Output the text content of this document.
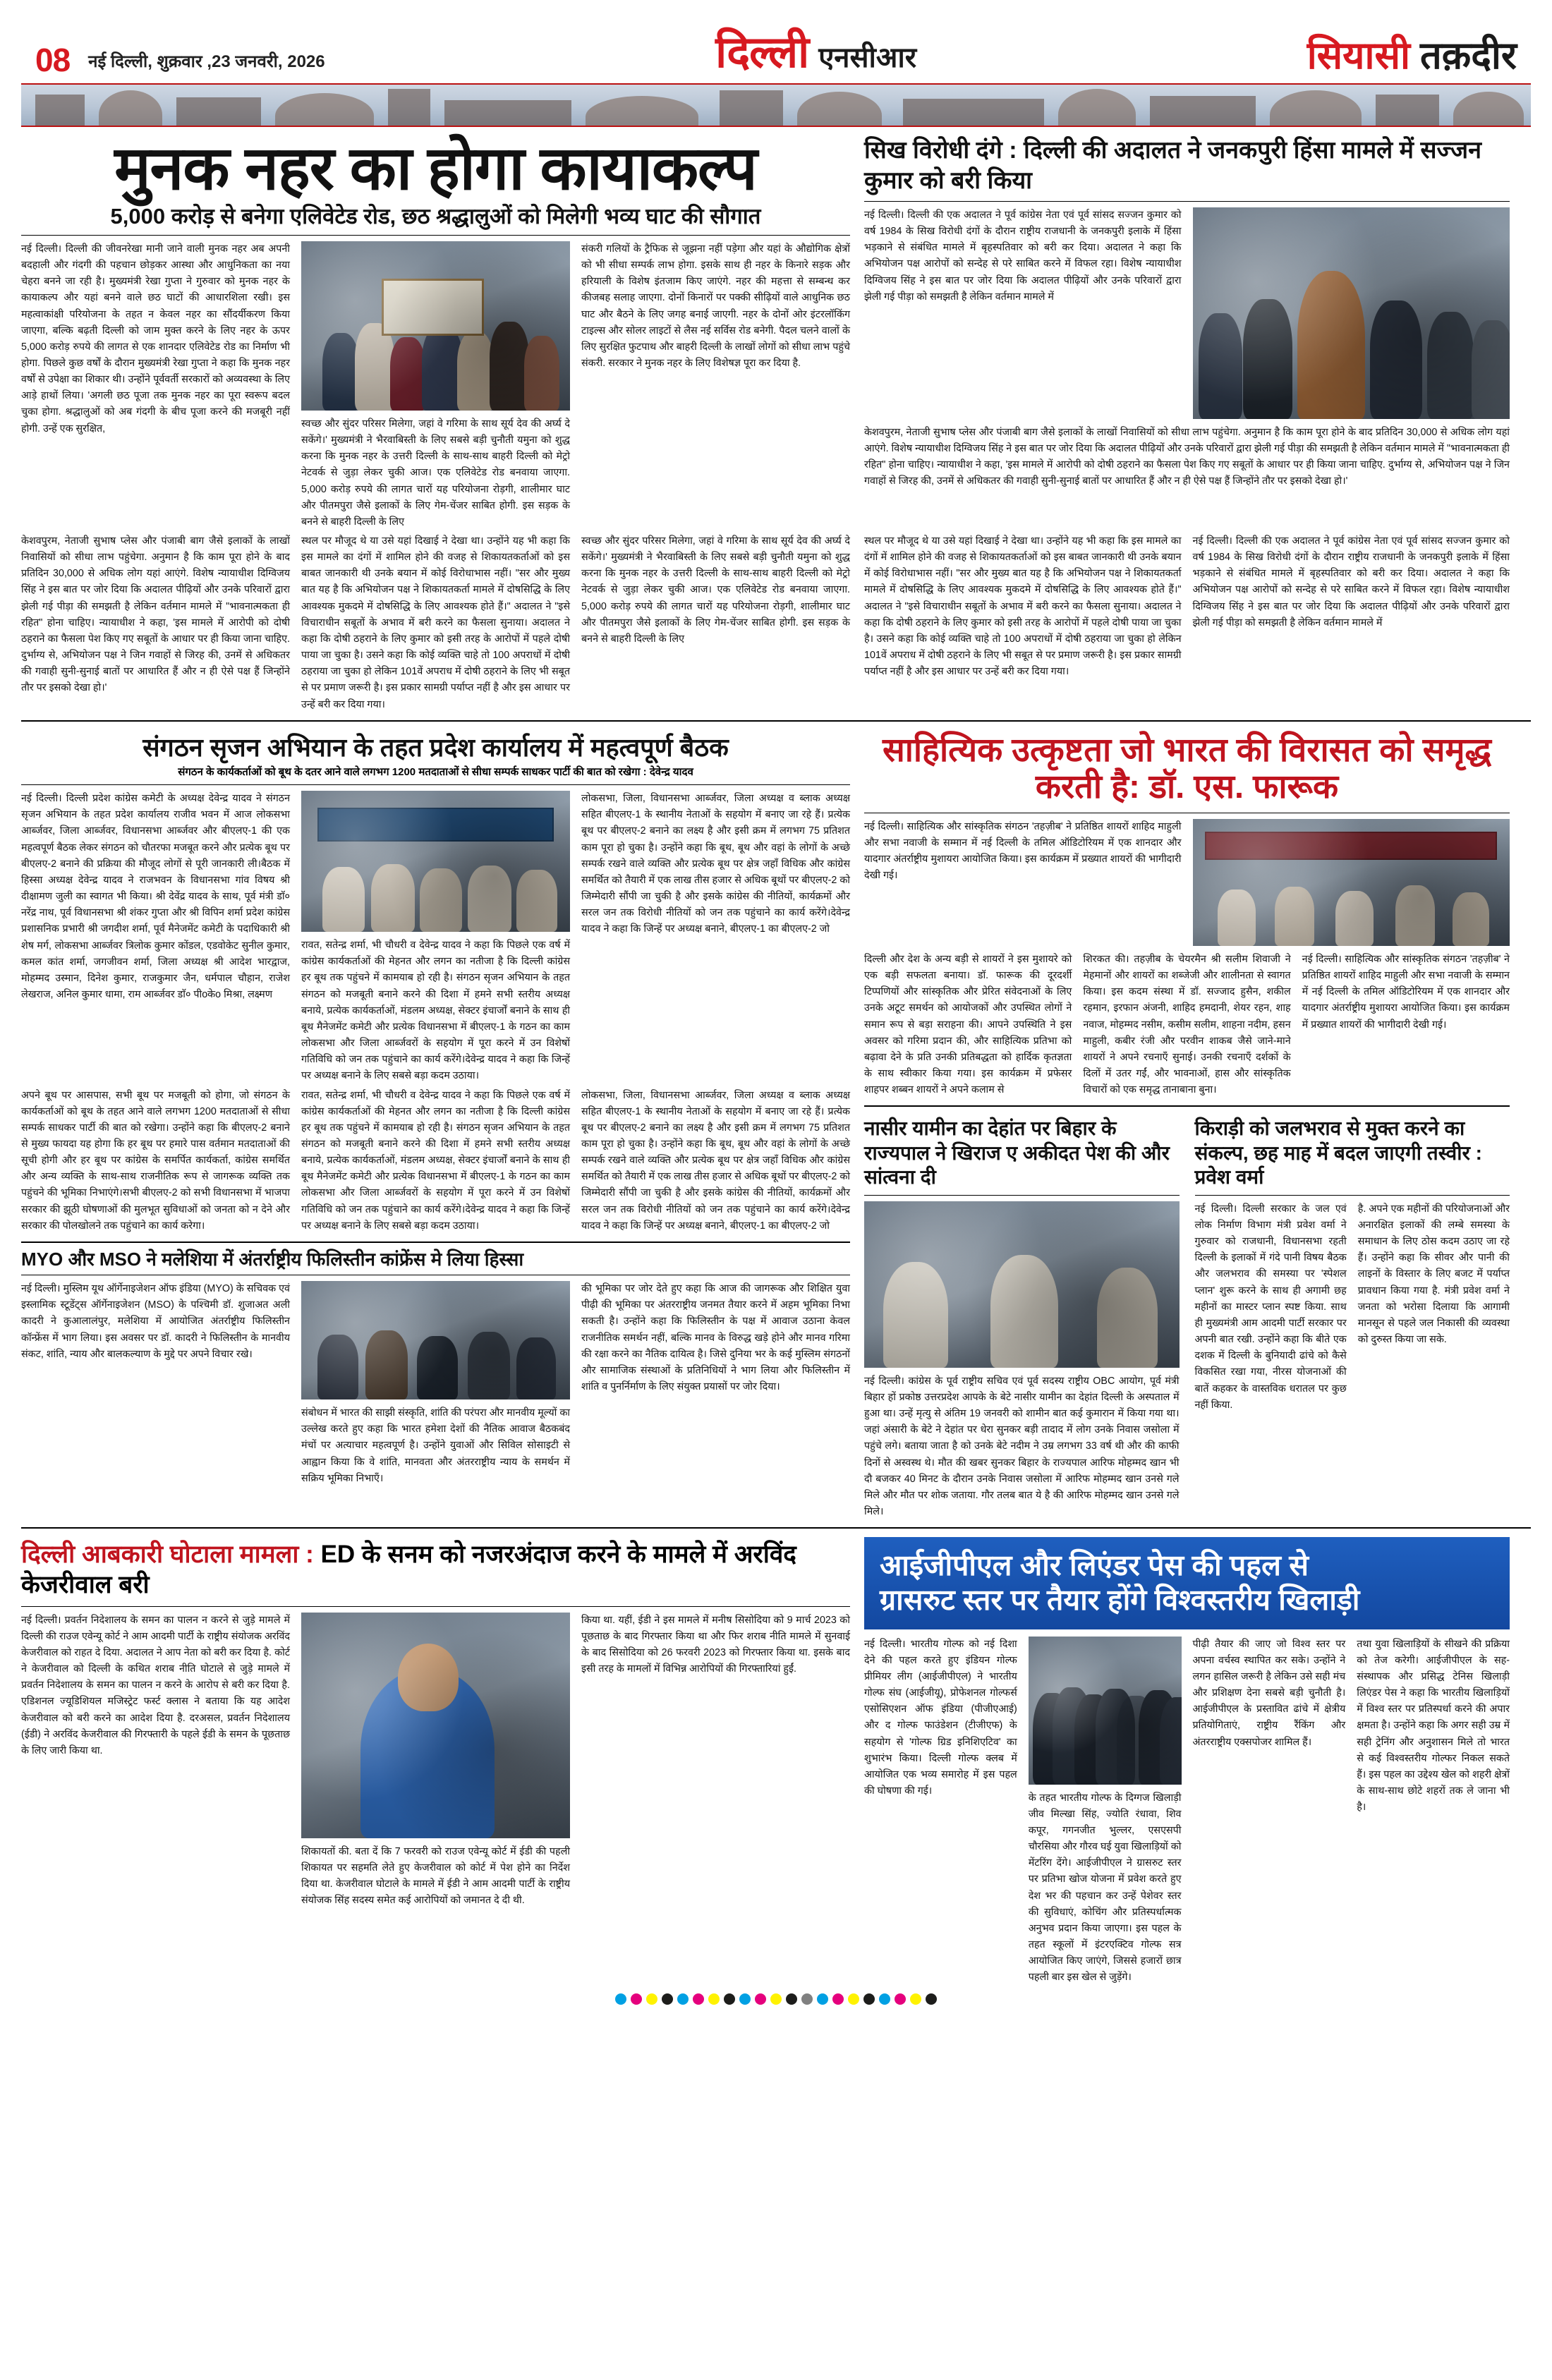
08 नई दिल्ली, शुक्रवार ,23 जनवरी, 2026	दिल्ली एनसीआर	सियासी तक़दीर
मुनक नहर का होगा कायाकल्प
5,000 करोड़ से बनेगा एलिवेटेड रोड, छठ श्रद्धालुओं को मिलेगी भव्य घाट की सौगात
नई दिल्ली। दिल्ली की जीवनरेखा मानी जाने वाली मुनक नहर अब अपनी बदहाली और गंदगी की पहचान छोड़कर आस्था और आधुनिकता का नया चेहरा बनने जा रही है। मुख्यमंत्री रेखा गुप्ता ने गुरुवार को मुनक नहर के कायाकल्प और यहां बनने वाले छठ घाटों की आधारशिला रखी। इस महत्वाकांक्षी परियोजना के तहत न केवल नहर का सौंदर्यीकरण किया जाएगा, बल्कि बढ़ती दिल्ली को जाम मुक्त करने के लिए नहर के ऊपर 5,000 करोड़ रुपये की लागत से एक शानदार एलिवेटेड रोड का निर्माण भी होगा. पिछले कुछ वर्षों के दौरान मुख्यमंत्री रेखा गुप्ता ने कहा कि मुनक नहर वर्षों से उपेक्षा का शिकार थी। उन्होंने पूर्ववर्ती सरकारों को अव्यवस्था के लिए आड़े हाथों लिया। 'अगली छठ पूजा तक मुनक नहर का पूरा स्वरूप बदल चुका होगा. श्रद्धालुओं को अब गंदगी के बीच पूजा करने की मजबूरी नहीं होगी. उन्हें एक सुरक्षित,	स्वच्छ और सुंदर परिसर मिलेगा, जहां वे गरिमा के साथ सूर्य देव की अर्घ्य दे सकेंगे।' मुख्यमंत्री ने भैरवाबिस्ती के लिए सबसे बड़ी चुनौती यमुना को शुद्ध करना कि मुनक नहर के उत्तरी दिल्ली के साथ-साथ बाहरी दिल्ली को मेट्रो नेटवर्क से जुड़ा लेकर चुकी आज। एक एलिवेटेड रोड बनवाया जाएगा. 5,000 करोड़ रुपये की लागत चारों यह परियोजना रोड़गी, शालीमार घाट और पीतमपुरा जैसे इलाकों के लिए गेम-चेंजर साबित होगी. इस सड़क के बनने से बाहरी दिल्ली के लिए
संकरी गलियों के ट्रैफिक से जूझना नहीं पड़ेगा और यहां के औद्योगिक क्षेत्रों को भी सीधा सम्पर्क लाभ होगा. इसके साथ ही नहर के किनारे सड़क और हरियाली के विशेष इंतजाम किए जाएंगे. नहर की महत्ता से सम्बन्ध कर कीजबह सलाह जाएगा. दोनों किनारों पर पक्की सीढ़ियों वाले आधुनिक छठ घाट और बैठने के लिए जगह बनाई जाएगी. नहर के दोनों ओर इंटरलॉकिंग टाइल्स और सोलर लाइटों से लैस नई सर्विस रोड बनेगी. पैदल चलने वालों के लिए सुरक्षित फुटपाथ और बाहरी दिल्ली के लाखों लोगों को सीधा लाभ पहुंचे संकरी. सरकार ने मुनक नहर के लिए विशेषज्ञ पूरा कर दिया है.
सिख विरोधी दंगे : दिल्ली की अदालत ने जनकपुरी हिंसा मामले में सज्जन कुमार को बरी किया
नई दिल्ली। दिल्ली की एक अदालत ने पूर्व कांग्रेस नेता एवं पूर्व सांसद सज्जन कुमार को वर्ष 1984 के सिख विरोधी दंगों के दौरान राष्ट्रीय राजधानी के जनकपुरी इलाके में हिंसा भड़काने से संबंधित मामले में बृहस्पतिवार को बरी कर दिया। अदालत ने कहा कि अभियोजन पक्ष आरोपों को सन्देह से परे साबित करने में विफल रहा। विशेष न्यायाधीश दिग्विजय सिंह ने इस बात पर जोर दिया कि अदालत पीढ़ियों और उनके परिवारों द्वारा झेली गई पीड़ा को समझती है लेकिन वर्तमान मामले में
केशवपुरम, नेताजी सुभाष प्लेस और पंजाबी बाग जैसे इलाकों के लाखों निवासियों को सीधा लाभ पहुंचेगा. अनुमान है कि काम पूरा होने के बाद प्रतिदिन 30,000 से अधिक लोग यहां आएंगे. विशेष न्यायाधीश दिग्विजय सिंह ने इस बात पर जोर दिया कि अदालत पीढ़ियों और उनके परिवारों द्वारा झेली गई पीड़ा की समझती है लेकिन वर्तमान मामले में "भावनात्मकता ही रहित" होना चाहिए। न्यायाधीश ने कहा, 'इस मामले में आरोपी को दोषी ठहराने का फैसला पेश किए गए सबूतों के आधार पर ही किया जाना चाहिए. दुर्भाग्य से, अभियोजन पक्ष ने जिन गवाहों से जिरह की, उनमें से अधिकतर की गवाही सुनी-सुनाई बातों पर आधारित हैं और न ही ऐसे पक्ष हैं जिन्होंने तौर पर इसको देखा हो।'
केशवपुरम, नेताजी सुभाष प्लेस और पंजाबी बाग जैसे इलाकों के लाखों निवासियों को सीधा लाभ पहुंचेगा. अनुमान है कि काम पूरा होने के बाद प्रतिदिन 30,000 से अधिक लोग यहां आएंगे. विशेष न्यायाधीश दिग्विजय सिंह ने इस बात पर जोर दिया कि अदालत पीढ़ियों और उनके परिवारों द्वारा झेली गई पीड़ा की समझती है लेकिन वर्तमान मामले में "भावनात्मकता ही रहित" होना चाहिए। न्यायाधीश ने कहा, 'इस मामले में आरोपी को दोषी ठहराने का फैसला पेश किए गए सबूतों के आधार पर ही किया जाना चाहिए. दुर्भाग्य से, अभियोजन पक्ष ने जिन गवाहों से जिरह की, उनमें से अधिकतर की गवाही सुनी-सुनाई बातों पर आधारित हैं और न ही ऐसे पक्ष हैं जिन्होंने तौर पर इसको देखा हो।'
स्थल पर मौजूद थे या उसे यहां दिखाई ने देखा था। उन्होंने यह भी कहा कि इस मामले का दंगों में शामिल होने की वजह से शिकायतकर्ताओं को इस बाबत जानकारी थी उनके बयान में कोई विरोधाभास नहीं। "सर और मुख्य बात यह है कि अभियोजन पक्ष ने शिकायतकर्ता मामले में दोषसिद्धि के लिए आवश्यक मुकदमे में दोषसिद्धि के लिए आवश्यक होते हैं।" अदालत ने "इसे विचाराधीन सबूतों के अभाव में बरी करने का फैसला सुनाया। अदालत ने कहा कि दोषी ठहराने के लिए कुमार को इसी तरह के आरोपों में पहले दोषी पाया जा चुका है। उसने कहा कि कोई व्यक्ति चाहे तो 100 अपराधों में दोषी ठहराया जा चुका हो लेकिन 101वें अपराध में दोषी ठहराने के लिए भी सबूत से पर प्रमाण जरूरी है। इस प्रकार सामग्री पर्याप्त नहीं है और इस आधार पर उन्हें बरी कर दिया गया।
स्वच्छ और सुंदर परिसर मिलेगा, जहां वे गरिमा के साथ सूर्य देव की अर्घ्य दे सकेंगे।' मुख्यमंत्री ने भैरवाबिस्ती के लिए सबसे बड़ी चुनौती यमुना को शुद्ध करना कि मुनक नहर के उत्तरी दिल्ली के साथ-साथ बाहरी दिल्ली को मेट्रो नेटवर्क से जुड़ा लेकर चुकी आज। एक एलिवेटेड रोड बनवाया जाएगा. 5,000 करोड़ रुपये की लागत चारों यह परियोजना रोड़गी, शालीमार घाट और पीतमपुरा जैसे इलाकों के लिए गेम-चेंजर साबित होगी. इस सड़क के बनने से बाहरी दिल्ली के लिए
स्थल पर मौजूद थे या उसे यहां दिखाई ने देखा था। उन्होंने यह भी कहा कि इस मामले का दंगों में शामिल होने की वजह से शिकायतकर्ताओं को इस बाबत जानकारी थी उनके बयान में कोई विरोधाभास नहीं। "सर और मुख्य बात यह है कि अभियोजन पक्ष ने शिकायतकर्ता मामले में दोषसिद्धि के लिए आवश्यक मुकदमे में दोषसिद्धि के लिए आवश्यक होते हैं।" अदालत ने "इसे विचाराधीन सबूतों के अभाव में बरी करने का फैसला सुनाया। अदालत ने कहा कि दोषी ठहराने के लिए कुमार को इसी तरह के आरोपों में पहले दोषी पाया जा चुका है। उसने कहा कि कोई व्यक्ति चाहे तो 100 अपराधों में दोषी ठहराया जा चुका हो लेकिन 101वें अपराध में दोषी ठहराने के लिए भी सबूत से पर प्रमाण जरूरी है। इस प्रकार सामग्री पर्याप्त नहीं है और इस आधार पर उन्हें बरी कर दिया गया।
नई दिल्ली। दिल्ली की एक अदालत ने पूर्व कांग्रेस नेता एवं पूर्व सांसद सज्जन कुमार को वर्ष 1984 के सिख विरोधी दंगों के दौरान राष्ट्रीय राजधानी के जनकपुरी इलाके में हिंसा भड़काने से संबंधित मामले में बृहस्पतिवार को बरी कर दिया। अदालत ने कहा कि अभियोजन पक्ष आरोपों को सन्देह से परे साबित करने में विफल रहा। विशेष न्यायाधीश दिग्विजय सिंह ने इस बात पर जोर दिया कि अदालत पीढ़ियों और उनके परिवारों द्वारा झेली गई पीड़ा को समझती है लेकिन वर्तमान मामले में
संगठन सृजन अभियान के तहत प्रदेश कार्यालय में महत्वपूर्ण बैठक
संगठन के कार्यकर्ताओं को बूथ के दतर आने वाले लगभग 1200 मतदाताओं से सीधा सम्पर्क साधकर पार्टी की बात को रखेगा : देवेन्द्र यादव
नई दिल्ली। दिल्ली प्रदेश कांग्रेस कमेटी के अध्यक्ष देवेन्द्र यादव ने संगठन सृजन अभियान के तहत प्रदेश कार्यालय राजीव भवन में आज लोकसभा आर्ब्जवर, जिला आर्ब्जवर, विधानसभा आर्ब्जवर और बीएलए-1 की एक महत्वपूर्ण बैठक लेकर संगठन को चौतरफा मजबूत करने और प्रत्येक बूथ पर बीएलए-2 बनाने की प्रक्रिया की मौजूद लोगों से पूरी जानकारी ली।बैठक में हिस्सा अध्यक्ष देवेन्द्र यादव ने राजभवन के विधानसभा गांव विषय श्री दीक्षामण जुली का स्वागत भी किया। श्री देवेंद्र यादव के साथ, पूर्व मंत्री डाॅ० नरेंद्र नाथ, पूर्व विधानसभा श्री शंकर गुप्ता और श्री विपिन शर्मा प्रदेश कांग्रेस प्रशासनिक प्रभारी श्री जगदीश शर्मा, पूर्व मैनेजमेंट कमेटी के पदाधिकारी श्री शेष मर्ग, लोकसभा आर्ब्जवर त्रिलोक कुमार कोंडल, एडवोकेट सुनील कुमार, कमल कांत शर्मा, जगजीवन शर्मा, जिला अध्यक्ष श्री आदेश भारद्वाज, मोहम्मद उस्मान, दिनेश कुमार, राजकुमार जैन, धर्मपाल चौहान, राजेश लेखराज, अनिल कुमार धामा, राम आर्ब्जवर डाॅ० पीoकेo मिश्रा, लक्ष्मण
रावत, सतेन्द्र शर्मा, भी चौधरी व देवेन्द्र यादव ने कहा कि पिछले एक वर्ष में कांग्रेस कार्यकर्ताओं की मेहनत और लगन का नतीजा है कि दिल्ली कांग्रेस हर बूथ तक पहुंचने में कामयाब हो रही है। संगठन सृजन अभियान के तहत संगठन को मजबूती बनाने करने की दिशा में हमने सभी स्तरीय अध्यक्ष बनाये, प्रत्येक कार्यकर्ताओं, मंडलम अध्यक्ष, सेक्टर इंचार्जों बनाने के साथ ही बूथ मैनेजमेंट कमेटी और प्रत्येक विधानसभा में बीएलए-1 के गठन का काम लोकसभा और जिला आर्ब्जवरों के सहयोग में पूरा करने में उन विशेषों गतिविधि को जन तक पहुंचाने का कार्य करेंगे।देवेन्द्र यादव ने कहा कि जिन्हें पर अध्यक्ष बनाने के लिए सबसे बड़ा कदम उठाया।
लोकसभा, जिला, विधानसभा आर्ब्जवर, जिला अध्यक्ष व ब्लाक अध्यक्ष सहित बीएलए-1 के स्थानीय नेताओं के सहयोग में बनाए जा रहे हैं। प्रत्येक बूथ पर बीएलए-2 बनाने का लक्ष्य है और इसी क्रम में लगभग 75 प्रतिशत काम पूरा हो चुका है। उन्होंने कहा कि बूथ, बूथ और वहां के लोगों के अच्छे सम्पर्क रखने वाले व्यक्ति और प्रत्येक बूथ पर क्षेत्र जहाँ विधिक और कांग्रेस समर्थित को तैयारी में एक लाख तीस हजार से अधिक बूथों पर बीएलए-2 को जिम्मेदारी सौंपी जा चुकी है और इसके कांग्रेस की नीतियों, कार्यक्रमों और सरल जन तक विरोधी नीतियों को जन तक पहुंचाने का कार्य करेंगे।देवेन्द्र यादव ने कहा कि जिन्हें पर अध्यक्ष बनाने, बीएलए-1 का बीएलए-2 जो
अपने बूथ पर आसपास, सभी बूथ पर मजबूती को होगा, जो संगठन के कार्यकर्ताओं को बूथ के तहत आने वाले लगभग 1200 मतदाताओं से सीधा सम्पर्क साधकर पार्टी की बात को रखेगा। उन्होंने कहा कि बीएलए-2 बनाने से मुख्य फायदा यह होगा कि हर बूथ पर हमारे पास वर्तमान मतदाताओं की सूची होगी और हर बूथ पर कांग्रेस के समर्पित कार्यकर्ता, कांग्रेस समर्थित और अन्य व्यक्ति के साथ-साथ राजनीतिक रूप से जागरूक व्यक्ति तक पहुंचने की भूमिका निभाएंगे।सभी बीएलए-2 को सभी विधानसभा में भाजपा सरकार की झूठी घोषणाओं की मुलभूत सुविधाओं को जनता को न देने और सरकार की पोलखोलने तक पहुंचाने का कार्य करेगा।
रावत, सतेन्द्र शर्मा, भी चौधरी व देवेन्द्र यादव ने कहा कि पिछले एक वर्ष में कांग्रेस कार्यकर्ताओं की मेहनत और लगन का नतीजा है कि दिल्ली कांग्रेस हर बूथ तक पहुंचने में कामयाब हो रही है। संगठन सृजन अभियान के तहत संगठन को मजबूती बनाने करने की दिशा में हमने सभी स्तरीय अध्यक्ष बनाये, प्रत्येक कार्यकर्ताओं, मंडलम अध्यक्ष, सेक्टर इंचार्जों बनाने के साथ ही बूथ मैनेजमेंट कमेटी और प्रत्येक विधानसभा में बीएलए-1 के गठन का काम लोकसभा और जिला आर्ब्जवरों के सहयोग में पूरा करने में उन विशेषों गतिविधि को जन तक पहुंचाने का कार्य करेंगे।देवेन्द्र यादव ने कहा कि जिन्हें पर अध्यक्ष बनाने के लिए सबसे बड़ा कदम उठाया।
लोकसभा, जिला, विधानसभा आर्ब्जवर, जिला अध्यक्ष व ब्लाक अध्यक्ष सहित बीएलए-1 के स्थानीय नेताओं के सहयोग में बनाए जा रहे हैं। प्रत्येक बूथ पर बीएलए-2 बनाने का लक्ष्य है और इसी क्रम में लगभग 75 प्रतिशत काम पूरा हो चुका है। उन्होंने कहा कि बूथ, बूथ और वहां के लोगों के अच्छे सम्पर्क रखने वाले व्यक्ति और प्रत्येक बूथ पर क्षेत्र जहाँ विधिक और कांग्रेस समर्थित को तैयारी में एक लाख तीस हजार से अधिक बूथों पर बीएलए-2 को जिम्मेदारी सौंपी जा चुकी है और इसके कांग्रेस की नीतियों, कार्यक्रमों और सरल जन तक विरोधी नीतियों को जन तक पहुंचाने का कार्य करेंगे।देवेन्द्र यादव ने कहा कि जिन्हें पर अध्यक्ष बनाने, बीएलए-1 का बीएलए-2 जो
MYO और MSO ने मलेशिया में अंतर्राष्ट्रीय फिलिस्तीन कांफ्रेंस मे लिया हिस्सा
नई दिल्ली। मुस्लिम यूथ ऑर्गेनाइजेशन ऑफ इंडिया (MYO) के सचिवक एवं इस्लामिक स्टूडेंट्स ऑर्गेनाइजेशन (MSO) के पश्चिमी डॉ. शुजाअत अली कादरी ने कुआलालंपुर, मलेशिया में आयोजित अंतर्राष्ट्रीय फिलिस्तीन कॉन्फ्रेंस में भाग लिया। इस अवसर पर डॉ. कादरी ने फिलिस्तीन के मानवीय संकट, शांति, न्याय और बालकल्याण के मुद्दे पर अपने विचार रखे।
संबोधन में भारत की साझी संस्कृति, शांति की परंपरा और मानवीय मूल्यों का उल्लेख करते हुए कहा कि भारत हमेशा देशों की नैतिक आवाज बैठकबंद मंचों पर अत्याचार महत्वपूर्ण है। उन्होंने युवाओं और सिविल सोसाइटी से आह्वान किया कि वे शांति, मानवता और अंतरराष्ट्रीय न्याय के समर्थन में सक्रिय भूमिका निभाएँ।
की भूमिका पर जोर देते हुए कहा कि आज की जागरूक और शिक्षित युवा पीढ़ी की भूमिका पर अंतरराष्ट्रीय जनमत तैयार करने में अहम भूमिका निभा सकती है। उन्होंने कहा कि फिलिस्तीन के पक्ष में आवाज उठाना केवल राजनीतिक समर्थन नहीं, बल्कि मानव के विरुद्ध खड़े होने और मानव गरिमा की रक्षा करने का नैतिक दायित्व है। जिसे दुनिया भर के कई मुस्लिम संगठनों और सामाजिक संस्थाओं के प्रतिनिधियों ने भाग लिया और फिलिस्तीन में शांति व पुनर्निर्माण के लिए संयुक्त प्रयासों पर जोर दिया।
साहित्यिक उत्कृष्टता जो भारत की विरासत को समृद्ध करती है: डॉ. एस. फारूक
नई दिल्ली। साहित्यिक और सांस्कृतिक संगठन 'तहज़ीब' ने प्रतिष्ठित शायरों शाहिद माहुली और सभा नवाजी के सम्मान में नई दिल्ली के तमिल ऑडिटोरियम में एक शानदार और यादगार अंतर्राष्ट्रीय मुशायरा आयोजित किया। इस कार्यक्रम में प्रख्यात शायरों की भागीदारी देखी गई।
दिल्ली और देश के अन्य बड़ी से शायरों ने इस मुशायरे को एक बड़ी सफलता बनाया। डॉ. फारूक की दूरदर्शी टिप्पणियों और सांस्कृतिक और प्रेरित संवेदनाओं के लिए उनके अटूट समर्थन को आयोजकों और उपस्थित लोगों ने समान रूप से बड़ा सराहना की। आपने उपस्थिति ने इस अवसर को गरिमा प्रदान की, और साहित्यिक प्रतिभा को बढ़ावा देने के प्रति उनकी प्रतिबद्धता को हार्दिक कृतज्ञता के साथ स्वीकार किया गया। इस कार्यक्रम में प्रफेसर शाहपर शब्बन शायरों ने अपने कलाम से
शिरकत की। तहज़ीब के चेयरमैन श्री सलीम शिवाजी ने मेहमानों और शायरों का शब्जेजी और शालीनता से स्वागत किया। इस कदम संस्था में डॉ. सज्जाद हुसैन, शकील रहमान, इरफान अंजनी, शाहिद हमदानी, शेयर रहन, शाह नवाज, मोहम्मद नसीम, कसीम सलीम, शाहना नदीम, हसन माहुली, कबीर रंजी और परवीन शाकब जैसे जाने-माने शायरों ने अपने रचनाएँ सुनाई। उनकी रचनाएँ दर्शकों के दिलों में उतर गईं, और भावनाओं, हास और सांस्कृतिक विचारों को एक समृद्ध तानाबाना बुना।
नई दिल्ली। साहित्यिक और सांस्कृतिक संगठन 'तहज़ीब' ने प्रतिष्ठित शायरों शाहिद माहुली और सभा नवाजी के सम्मान में नई दिल्ली के तमिल ऑडिटोरियम में एक शानदार और यादगार अंतर्राष्ट्रीय मुशायरा आयोजित किया। इस कार्यक्रम में प्रख्यात शायरों की भागीदारी देखी गई।
नासीर यामीन का देहांत पर बिहार के राज्यपाल ने खिराज ए अकीदत पेश की और सांत्वना दी
नई दिल्ली। कांग्रेस के पूर्व राष्ट्रीय सचिव एवं पूर्व सदस्य राष्ट्रीय OBC आयोग, पूर्व मंत्री बिहार हों प्रकोष्ठ उत्तरप्रदेश आपके के बेटे नासीर यामीन का देहांत दिल्ली के अस्पताल में हुआ था। उन्हें मृत्यु से अंतिम 19 जनवरी को शामीन बात कई कुमारान में किया गया था। जहां अंसारी के बेटे ने देहांत पर धेरा सुनकर बड़ी तादाद में लोग उनके निवास जसोला में पहुंचे लगे। बताया जाता है को उनके बेटे नदीम ने उम्र लगभग 33 वर्ष थी और की काफी दिनों से अस्वस्थ थे। मौत की खबर सुनकर बिहार के राज्यपाल आरिफ मोहम्मद खान भी दौ बजकर 40 मिनट के दौरान उनके निवास जसोला में आरिफ मोहम्मद खान उनसे गले मिले और मौत पर शोक जताया. गौर तलब बात ये है की आरिफ मोहम्मद खान उनसे गले मिले।
किराड़ी को जलभराव से मुक्त करने का संकल्प, छह माह में बदल जाएगी तस्वीर : प्रवेश वर्मा
नई दिल्ली। दिल्ली सरकार के जल एवं लोक निर्माण विभाग मंत्री प्रवेश वर्मा ने गुरुवार को राजधानी, विधानसभा रहती दिल्ली के इलाकों में गंदे पानी विषय बैठक और जलभराव की समस्या पर 'स्पेशल प्लान' शुरू करने के साथ ही अगामी छह महीनों का मास्टर प्लान स्पष्ट किया. साथ ही मुख्यमंत्री आम आदमी पार्टी सरकार पर अपनी बात रखी. उन्होंने कहा कि बीते एक दशक में दिल्ली के बुनियादी ढांचे को कैसे विकसित रखा गया, नीरस योजनाओं की बातें कहकर के वास्तविक धरातल पर कुछ नहीं किया.
है. अपने एक महीनों की परियोजनाओं और अनारक्षित इलाकों की लम्बे समस्या के समाधान के लिए ठोस कदम उठाए जा रहे हैं। उन्होंने कहा कि सीवर और पानी की लाइनों के विस्तार के लिए बजट में पर्याप्त प्रावधान किया गया है. मंत्री प्रवेश वर्मा ने जनता को भरोसा दिलाया कि आगामी मानसून से पहले जल निकासी की व्यवस्था को दुरुस्त किया जा सके.
दिल्ली आबकारी घोटाला मामला : ED के सनम को नजरअंदाज करने के मामले में अरविंद केजरीवाल बरी
नई दिल्ली। प्रवर्तन निदेशालय के समन का पालन न करने से जुड़े मामले में दिल्ली की राउज एवेन्यू कोर्ट ने आम आदमी पार्टी के राष्ट्रीय संयोजक अरविंद केजरीवाल को राहत दे दिया. अदालत ने आप नेता को बरी कर दिया है. कोर्ट ने केजरीवाल को दिल्ली के कथित शराब नीति घोटाले से जुड़े मामले में प्रवर्तन निदेशालय के समन का पालन न करने के आरोप से बरी कर दिया है. एडिशनल ज्यूडिशियल मजिस्ट्रेट फर्स्ट क्लास ने बताया कि यह आदेश केजरीवाल को बरी करने का आदेश दिया है. दरअसल, प्रवर्तन निदेशालय (ईडी) ने अरविंद केजरीवाल की गिरफ्तारी के पहले ईडी के समन के पूछताछ के लिए जारी किया था.
शिकायतों की. बता दें कि 7 फरवरी को राउज एवेन्यू कोर्ट में ईडी की पहली शिकायत पर सहमति लेते हुए केजरीवाल को कोर्ट में पेश होने का निर्देश दिया था. केजरीवाल घोटाले के मामले में ईडी ने आम आदमी पार्टी के राष्ट्रीय संयोजक सिंह सदस्य समेत कई आरोपियों को जमानत दे दी थी.
किया था. यहीं, ईडी ने इस मामले में मनीष सिसोदिया को 9 मार्च 2023 को पूछताछ के बाद गिरफ्तार किया था और फिर शराब नीति मामले में सुनवाई के बाद सिसोदिया को 26 फरवरी 2023 को गिरफ्तार किया था. इसके बाद इसी तरह के मामलों में विभिन्न आरोपियों की गिरफ्तारियां हुईं.
आईजीपीएल और लिएंडर पेस की पहल से
ग्रासरुट स्तर पर तैयार होंगे विश्वस्तरीय खिलाड़ी
नई दिल्ली। भारतीय गोल्फ को नई दिशा देने की पहल करते हुए इंडियन गोल्फ प्रीमियर लीग (आईजीपीएल) ने भारतीय गोल्फ संघ (आईजीयू), प्रोफेशनल गोल्फर्स एसोसिएशन ऑफ इंडिया (पीजीएआई) और द गोल्फ फाउंडेशन (टीजीएफ) के सहयोग से 'गोल्फ ग्रिड इनिशिएटिव' का शुभारंभ किया। दिल्ली गोल्फ क्लब में आयोजित एक भव्य समारोह में इस पहल की घोषणा की गई।
के तहत भारतीय गोल्फ के दिग्गज खिलाड़ी जीव मिल्खा सिंह, ज्योति रंधावा, शिव कपूर, गगनजीत भुल्लर, एसएसपी चौरसिया और गौरव घई युवा खिलाड़ियों को मेंटरिंग देंगे। आईजीपीएल ने ग्रासरुट स्तर पर प्रतिभा खोज योजना में प्रवेश करते हुए देश भर की पहचान कर उन्हें पेशेवर स्तर की सुविधाएं, कोचिंग और प्रतिस्पर्धात्मक अनुभव प्रदान किया जाएगा। इस पहल के तहत स्कूलों में इंटरएक्टिव गोल्फ सत्र आयोजित किए जाएंगे, जिससे हजारों छात्र पहली बार इस खेल से जुड़ेंगे।
पीढ़ी तैयार की जाए जो विश्व स्तर पर अपना वर्चस्व स्थापित कर सके। उन्होंने ने लगन हासिल जरूरी है लेकिन उसे सही मंच और प्रशिक्षण देना सबसे बड़ी चुनौती है। आईजीपीएल के प्रस्तावित ढांचे में क्षेत्रीय प्रतियोगिताएं, राष्ट्रीय रैंकिंग और अंतरराष्ट्रीय एक्सपोजर शामिल हैं।
तथा युवा खिलाड़ियों के सीखने की प्रक्रिया को तेज करेगी। आईजीपीएल के सह-संस्थापक और प्रसिद्ध टेनिस खिलाड़ी लिएंडर पेस ने कहा कि भारतीय खिलाड़ियों में विश्व स्तर पर प्रतिस्पर्धा करने की अपार क्षमता है। उन्होंने कहा कि अगर सही उम्र में सही ट्रेनिंग और अनुशासन मिले तो भारत से कई विश्वस्तरीय गोल्फर निकल सकते हैं। इस पहल का उद्देश्य खेल को शहरी क्षेत्रों के साथ-साथ छोटे शहरों तक ले जाना भी है।
